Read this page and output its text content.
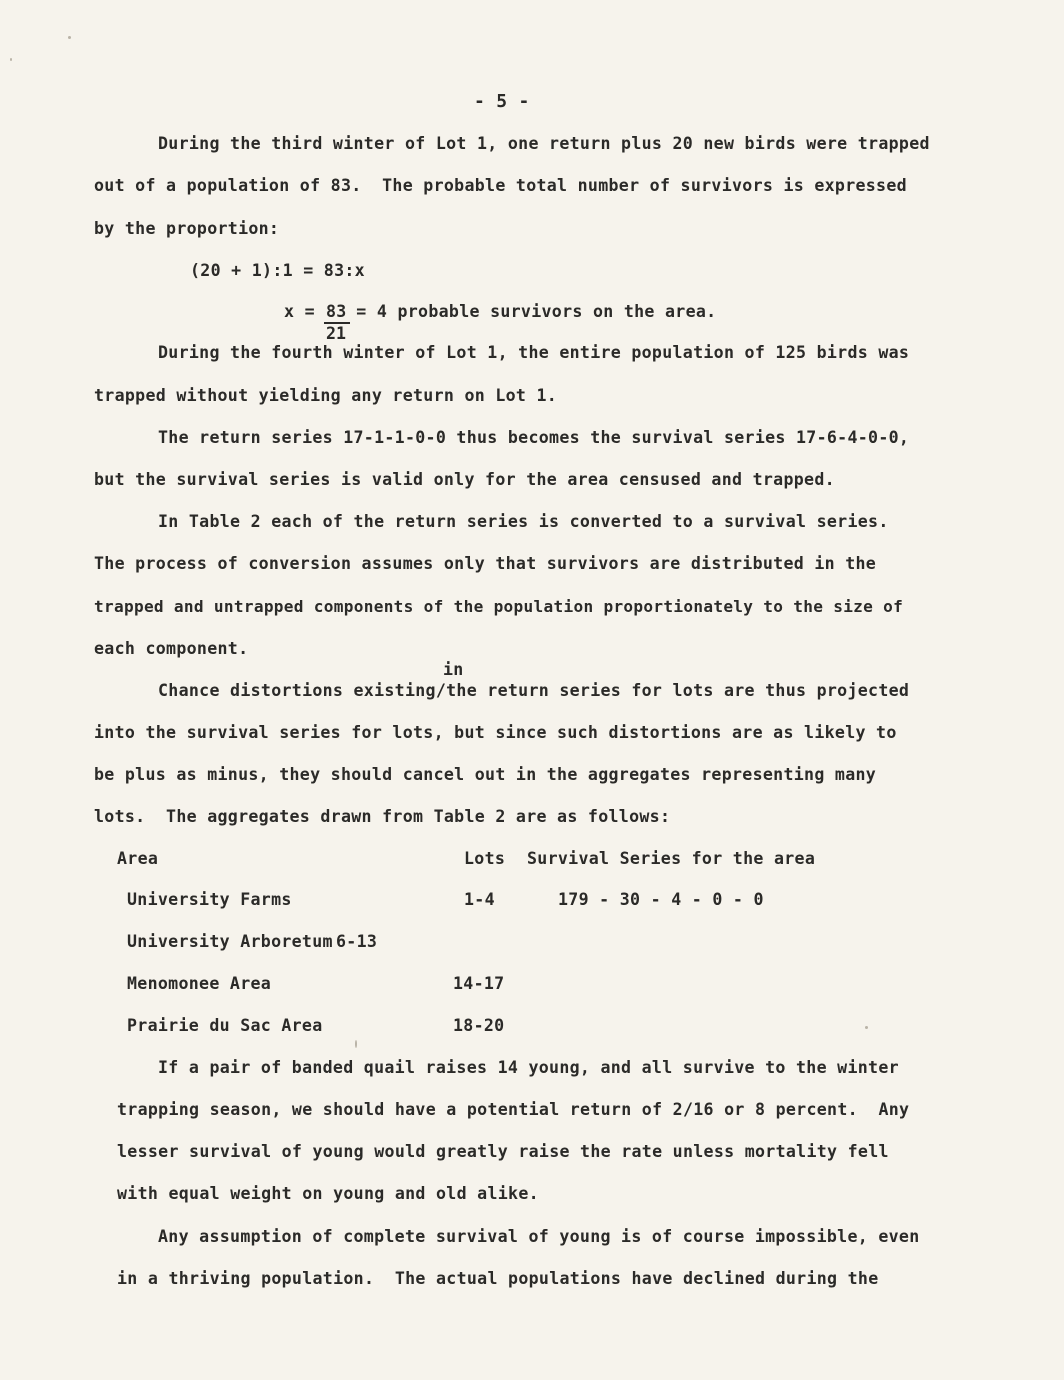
- 5 -
During the third winter of Lot 1, one return plus 20 new birds were trapped
out of a population of 83.  The probable total number of survivors is expressed
by the proportion:
(20 + 1):1 = 83:x
x = 83
21
= 4 probable survivors on the area.
During the fourth winter of Lot 1, the entire population of 125 birds was
trapped without yielding any return on Lot 1.
The return series 17-1-1-0-0 thus becomes the survival series 17-6-4-0-0,
but the survival series is valid only for the area censused and trapped.
In Table 2 each of the return series is converted to a survival series.
The process of conversion assumes only that survivors are distributed in the
trapped and untrapped components of the population proportionately to the size of
each component.
in
Chance distortions existing/the return series for lots are thus projected
into the survival series for lots, but since such distortions are as likely to
be plus as minus, they should cancel out in the aggregates representing many
lots.  The aggregates drawn from Table 2 are as follows:
Area	Lots Survival Series for the area
University Farms	1-4	179 - 30 - 4 - 0 - 0
University Arboretum 6-13
Menomonee Area	14-17
Prairie du Sac Area	18-20
If a pair of banded quail raises 14 young, and all survive to the winter
trapping season, we should have a potential return of 2/16 or 8 percent.  Any
lesser survival of young would greatly raise the rate unless mortality fell
with equal weight on young and old alike.
Any assumption of complete survival of young is of course impossible, even
in a thriving population.  The actual populations have declined during the
